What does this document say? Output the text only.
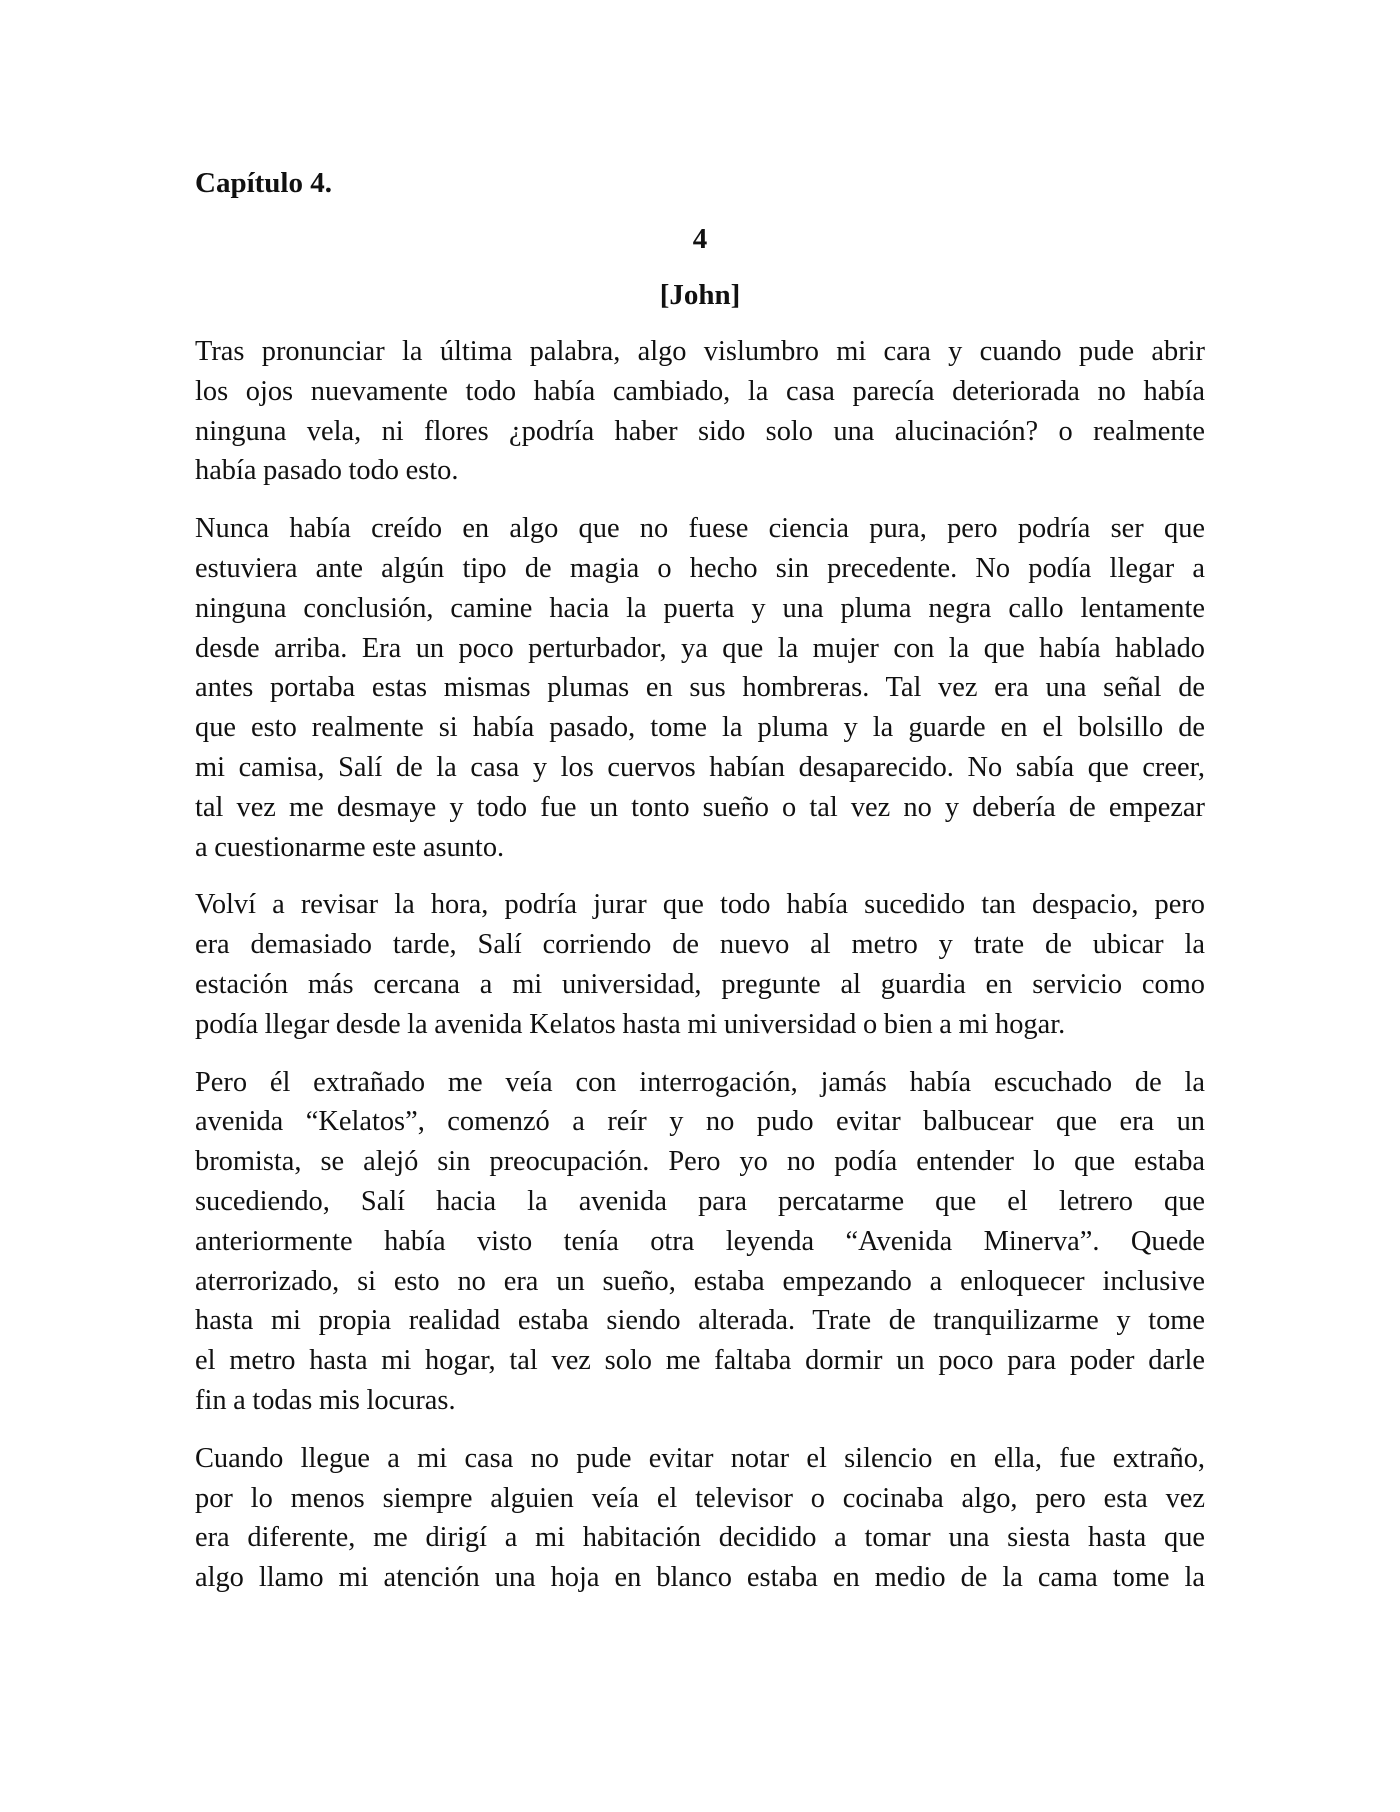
Capítulo 4.
4
[John]
Tras pronunciar la última palabra, algo vislumbro mi cara y cuando pude abrir
los ojos nuevamente todo había cambiado, la casa parecía deteriorada no había
ninguna vela, ni flores ¿podría haber sido solo una alucinación? o realmente
había pasado todo esto.
Nunca había creído en algo que no fuese ciencia pura, pero podría ser que
estuviera ante algún tipo de magia o hecho sin precedente. No podía llegar a
ninguna conclusión, camine hacia la puerta y una pluma negra callo lentamente
desde arriba. Era un poco perturbador, ya que la mujer con la que había hablado
antes portaba estas mismas plumas en sus hombreras. Tal vez era una señal de
que esto realmente si había pasado, tome la pluma y la guarde en el bolsillo de
mi camisa, Salí de la casa y los cuervos habían desaparecido. No sabía que creer,
tal vez me desmaye y todo fue un tonto sueño o tal vez no y debería de empezar
a cuestionarme este asunto.
Volví a revisar la hora, podría jurar que todo había sucedido tan despacio, pero
era demasiado tarde, Salí corriendo de nuevo al metro y trate de ubicar la
estación más cercana a mi universidad, pregunte al guardia en servicio como
podía llegar desde la avenida Kelatos hasta mi universidad o bien a mi hogar.
Pero él extrañado me veía con interrogación, jamás había escuchado de la
avenida “Kelatos”, comenzó a reír y no pudo evitar balbucear que era un
bromista, se alejó sin preocupación. Pero yo no podía entender lo que estaba
sucediendo, Salí hacia la avenida para percatarme que el letrero que
anteriormente había visto tenía otra leyenda “Avenida Minerva”. Quede
aterrorizado, si esto no era un sueño, estaba empezando a enloquecer inclusive
hasta mi propia realidad estaba siendo alterada. Trate de tranquilizarme y tome
el metro hasta mi hogar, tal vez solo me faltaba dormir un poco para poder darle
fin a todas mis locuras.
Cuando llegue a mi casa no pude evitar notar el silencio en ella, fue extraño,
por lo menos siempre alguien veía el televisor o cocinaba algo, pero esta vez
era diferente, me dirigí a mi habitación decidido a tomar una siesta hasta que
algo llamo mi atención una hoja en blanco estaba en medio de la cama tome la
